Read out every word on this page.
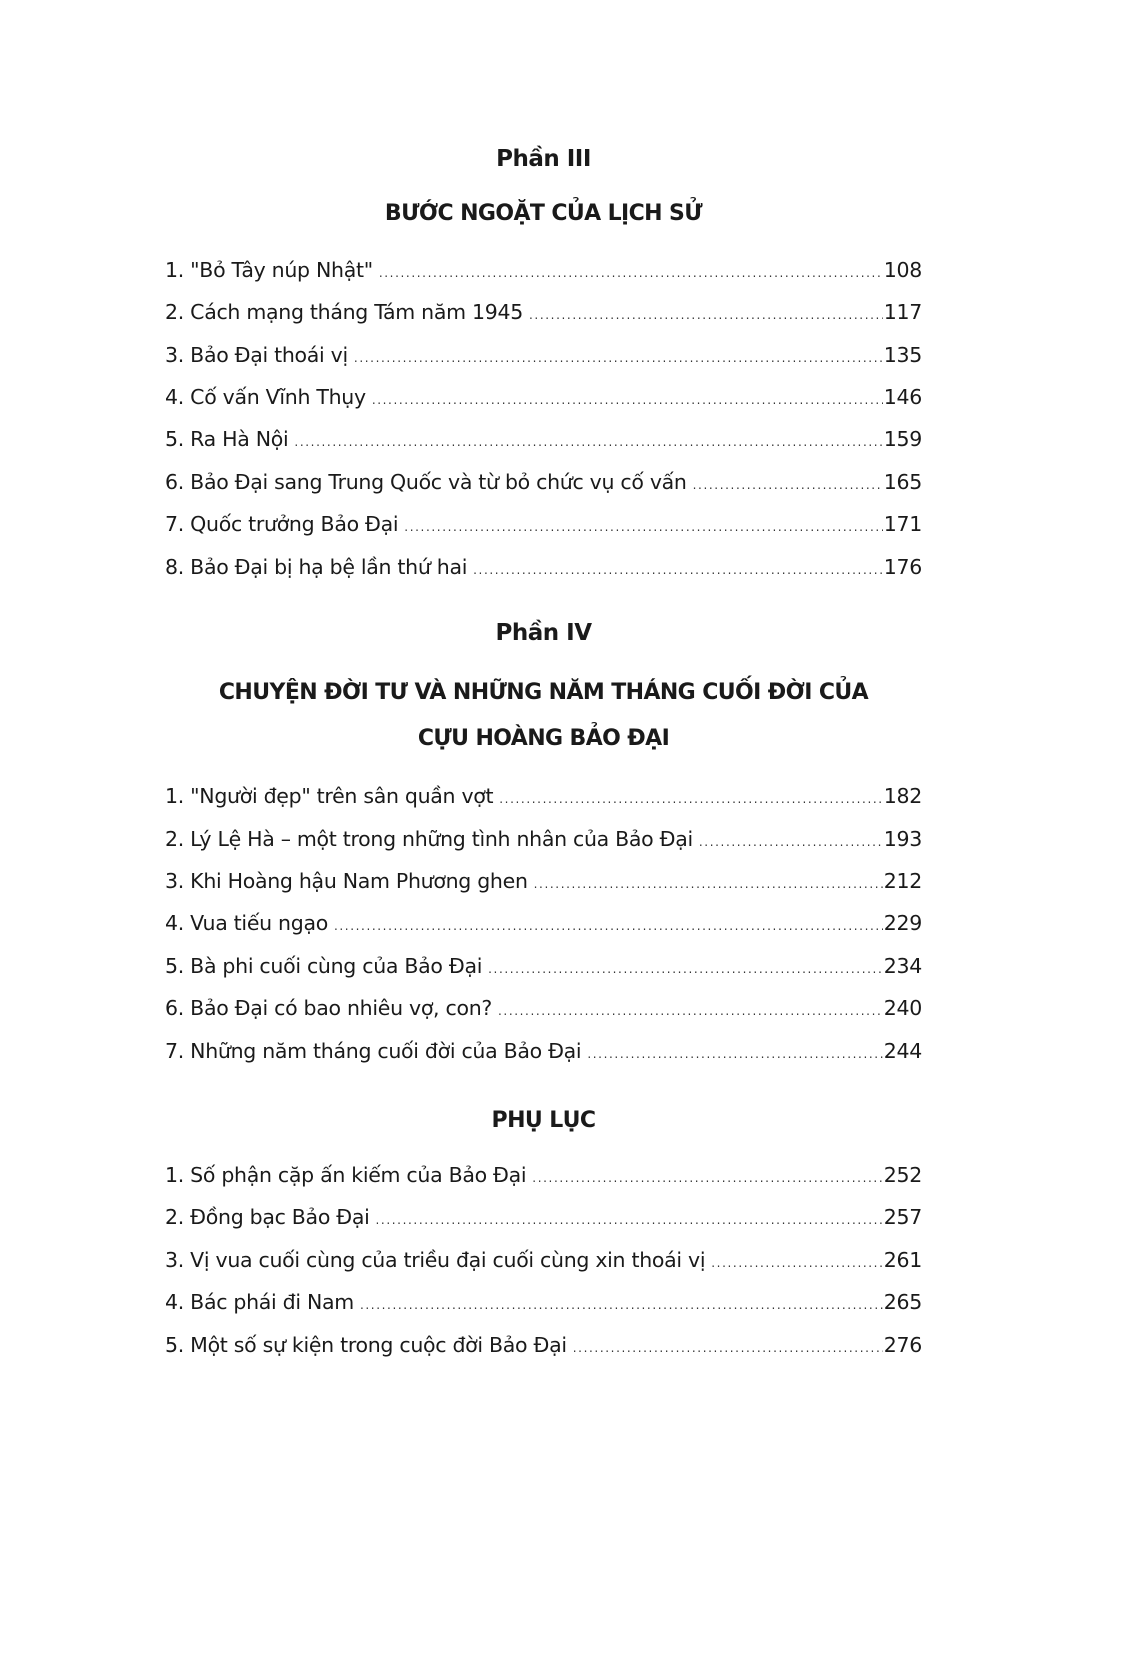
Phần III
BƯỚC NGOẶT CỦA LỊCH SỬ
1. "Bỏ Tây núp Nhật" .....	108
2. Cách mạng tháng Tám năm 1945 .....	117
3. Bảo Đại thoái vị .....	135
4. Cố vấn Vĩnh Thụy .....	146
5. Ra Hà Nội .....	159
6. Bảo Đại sang Trung Quốc và từ bỏ chức vụ cố vấn .....	165
7. Quốc trưởng Bảo Đại .....	171
8. Bảo Đại bị hạ bệ lần thứ hai .....	176
Phần IV
CHUYỆN ĐỜI TƯ VÀ NHỮNG NĂM THÁNG CUỐI ĐỜI CỦA
CỰU HOÀNG BẢO ĐẠI
1. "Người đẹp" trên sân quần vợt .....	182
2. Lý Lệ Hà – một trong những tình nhân của Bảo Đại .....	193
3. Khi Hoàng hậu Nam Phương ghen .....	212
4. Vua tiếu ngạo .....	229
5. Bà phi cuối cùng của Bảo Đại .....	234
6. Bảo Đại có bao nhiêu vợ, con? .....	240
7. Những năm tháng cuối đời của Bảo Đại .....	244
PHỤ LỤC
1. Số phận cặp ấn kiếm của Bảo Đại .....	252
2. Đồng bạc Bảo Đại .....	257
3. Vị vua cuối cùng của triều đại cuối cùng xin thoái vị .....	261
4. Bác phái đi Nam .....	265
5. Một số sự kiện trong cuộc đời Bảo Đại .....	276
